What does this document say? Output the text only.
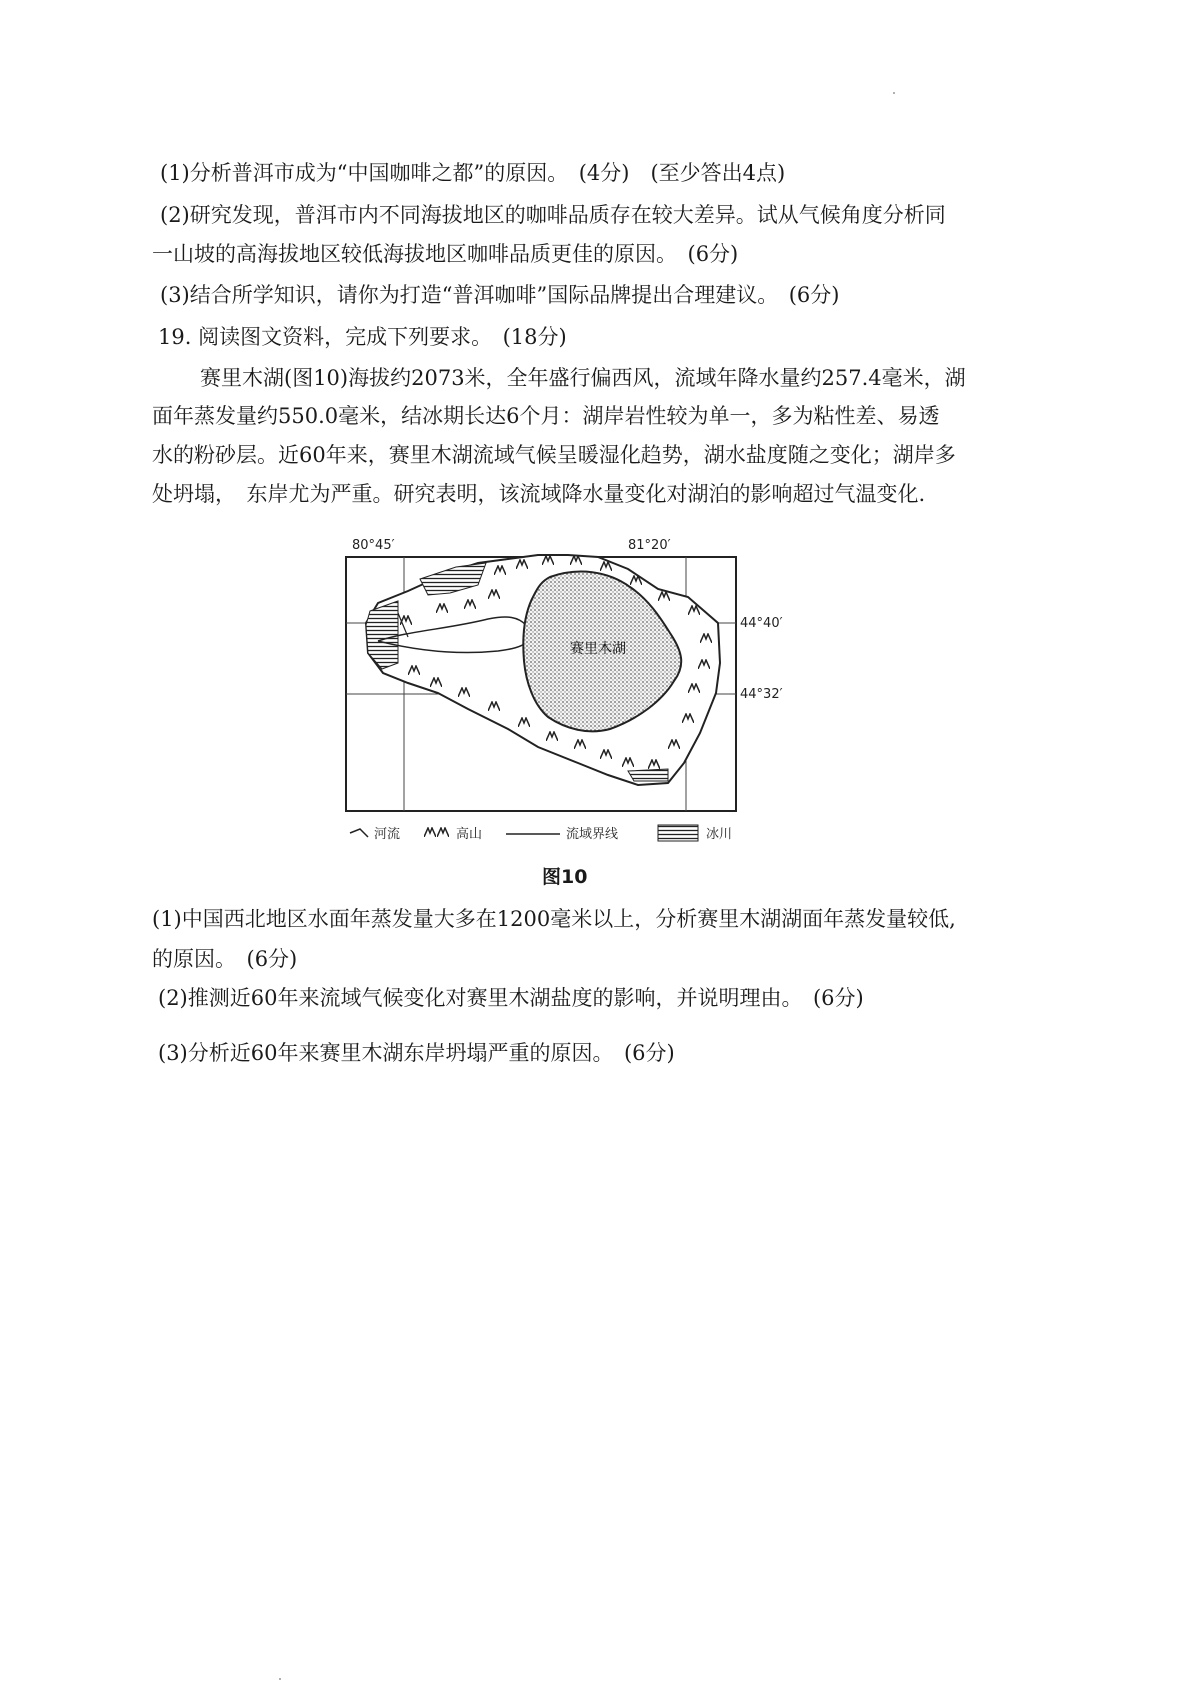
(1)分析普洱市成为“中国咖啡之都”的原因。　(4分)　(至少答出4点)
(2)研究发现，普洱市内不同海拔地区的咖啡品质存在较大差异。试从气候角度分析同
一山坡的高海拔地区较低海拔地区咖啡品质更佳的原因。　(6分)
(3)结合所学知识，请你为打造“普洱咖啡”国际品牌提出合理建议。　(6分)
19. 阅读图文资料，完成下列要求。　(18分)
　　赛里木湖(图10)海拔约2073米，全年盛行偏西风，流域年降水量约257.4毫米，湖
面年蒸发量约550.0毫米，结冰期长达6个月：湖岸岩性较为单一，多为粘性差、易透
水的粉砂层。近60年来，赛里木湖流域气候呈暖湿化趋势，湖水盐度随之变化；湖岸多
处坍塌，　东岸尤为严重。研究表明，该流域降水量变化对湖泊的影响超过气温变化.
80°45′	81°20′
44°40′
44°32′
赛里木湖
河流	高山	流域界线	冰川
图10
(1)中国西北地区水面年蒸发量大多在1200毫米以上，分析赛里木湖湖面年蒸发量较低,
的原因。　(6分)
(2)推测近60年来流域气候变化对赛里木湖盐度的影响，并说明理由。　(6分)
(3)分析近60年来赛里木湖东岸坍塌严重的原因。　(6分)
